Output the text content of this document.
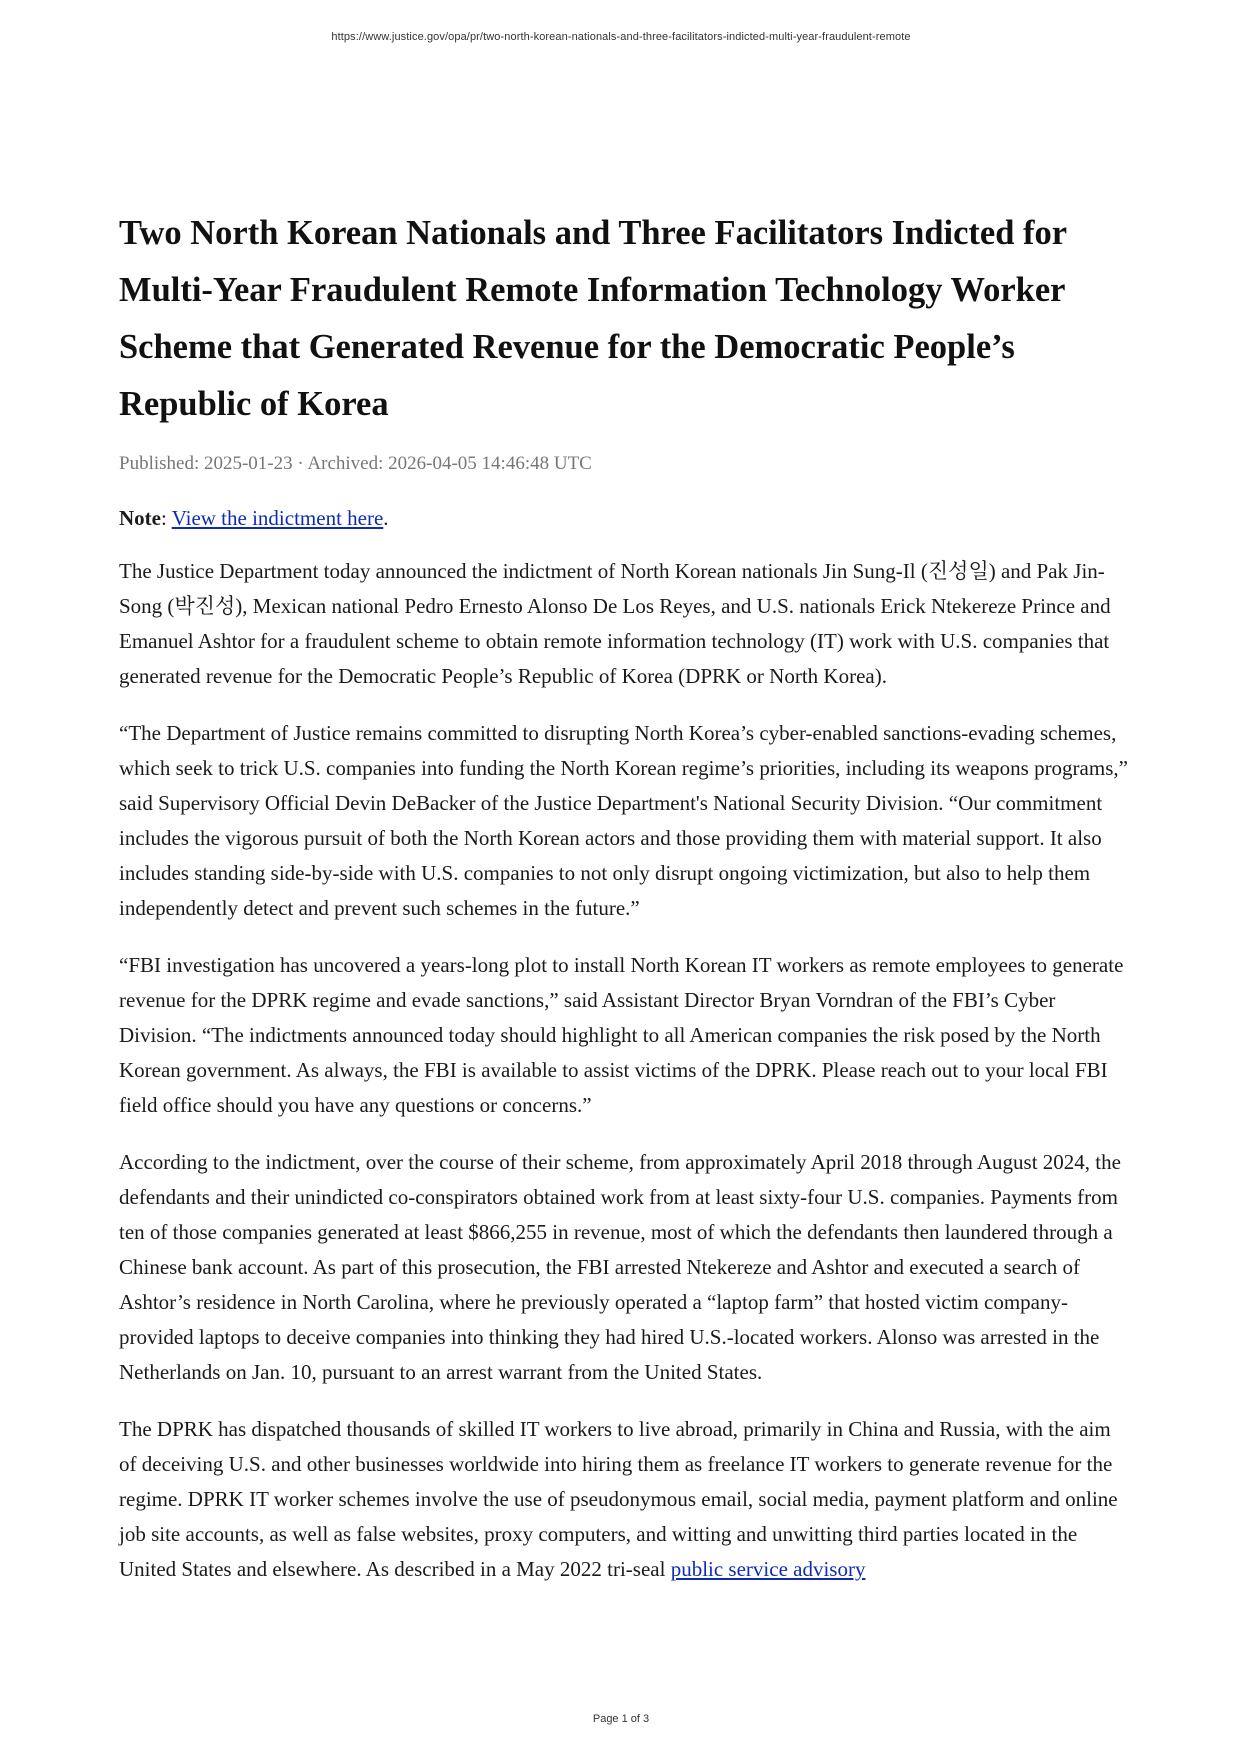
https://www.justice.gov/opa/pr/two-north-korean-nationals-and-three-facilitators-indicted-multi-year-fraudulent-remote
Two North Korean Nationals and Three Facilitators Indicted for Multi-Year Fraudulent Remote Information Technology Worker Scheme that Generated Revenue for the Democratic People’s Republic of Korea
Published: 2025-01-23 · Archived: 2026-04-05 14:46:48 UTC
Note: View the indictment here.

The Justice Department today announced the indictment of North Korean nationals Jin Sung-Il (진성일) and Pak Jin-Song (박진성), Mexican national Pedro Ernesto Alonso De Los Reyes, and U.S. nationals Erick Ntekereze Prince and Emanuel Ashtor for a fraudulent scheme to obtain remote information technology (IT) work with U.S. companies that generated revenue for the Democratic People’s Republic of Korea (DPRK or North Korea).

“The Department of Justice remains committed to disrupting North Korea’s cyber-enabled sanctions-evading schemes, which seek to trick U.S. companies into funding the North Korean regime’s priorities, including its weapons programs,” said Supervisory Official Devin DeBacker of the Justice Department's National Security Division. “Our commitment includes the vigorous pursuit of both the North Korean actors and those providing them with material support. It also includes standing side-by-side with U.S. companies to not only disrupt ongoing victimization, but also to help them independently detect and prevent such schemes in the future.”

“FBI investigation has uncovered a years-long plot to install North Korean IT workers as remote employees to generate revenue for the DPRK regime and evade sanctions,” said Assistant Director Bryan Vorndran of the FBI’s Cyber Division. “The indictments announced today should highlight to all American companies the risk posed by the North Korean government. As always, the FBI is available to assist victims of the DPRK. Please reach out to your local FBI field office should you have any questions or concerns.”

According to the indictment, over the course of their scheme, from approximately April 2018 through August 2024, the defendants and their unindicted co-conspirators obtained work from at least sixty-four U.S. companies. Payments from ten of those companies generated at least $866,255 in revenue, most of which the defendants then laundered through a Chinese bank account. As part of this prosecution, the FBI arrested Ntekereze and Ashtor and executed a search of Ashtor’s residence in North Carolina, where he previously operated a “laptop farm” that hosted victim company-provided laptops to deceive companies into thinking they had hired U.S.-located workers. Alonso was arrested in the Netherlands on Jan. 10, pursuant to an arrest warrant from the United States.

The DPRK has dispatched thousands of skilled IT workers to live abroad, primarily in China and Russia, with the aim of deceiving U.S. and other businesses worldwide into hiring them as freelance IT workers to generate revenue for the regime. DPRK IT worker schemes involve the use of pseudonymous email, social media, payment platform and online job site accounts, as well as false websites, proxy computers, and witting and unwitting third parties located in the United States and elsewhere. As described in a May 2022 tri-seal public service advisory

Page 1 of 3
